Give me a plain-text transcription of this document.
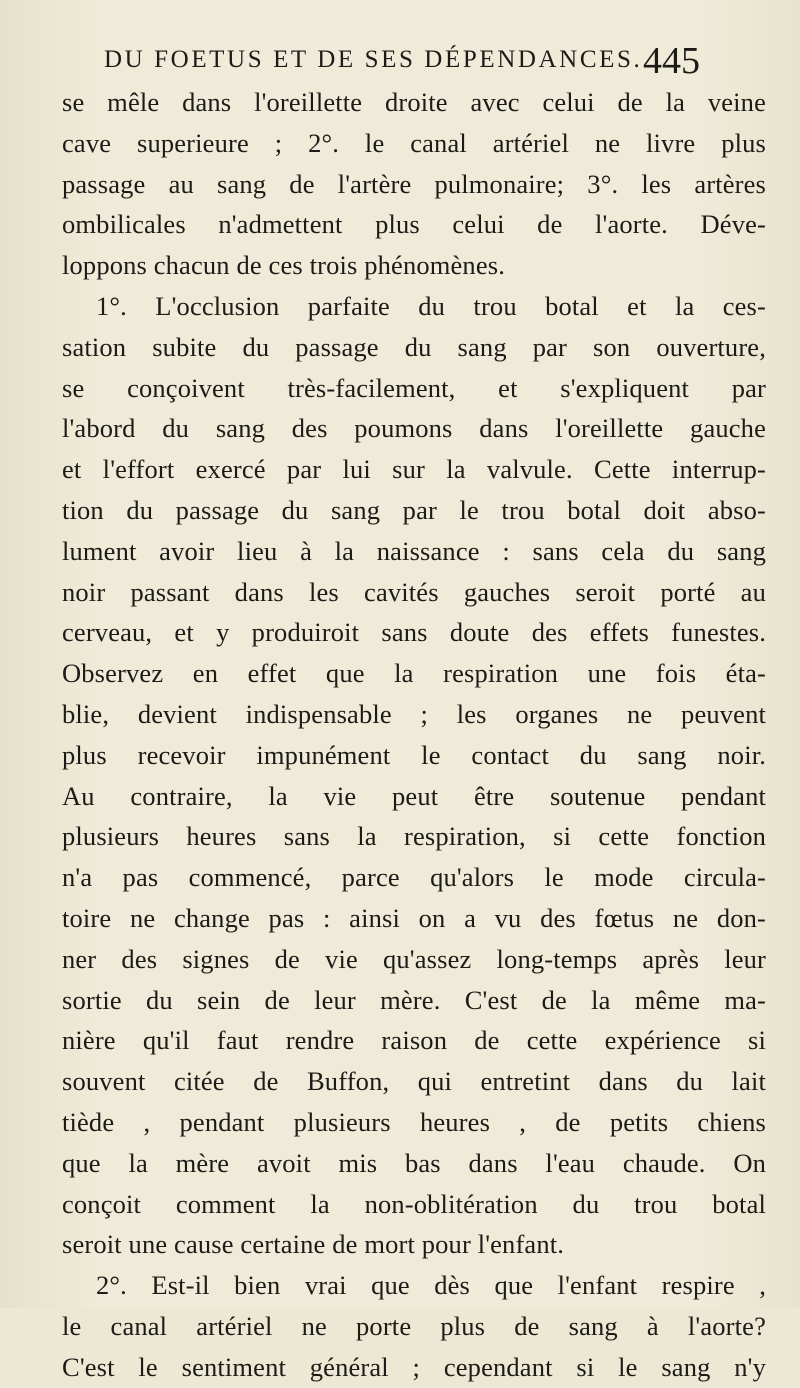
DU FOETUS ET DE SES DÉPENDANCES. 445
se mêle dans l'oreillette droite avec celui de la veine
cave superieure ; 2°. le canal artériel ne livre plus
passage au sang de l'artère pulmonaire; 3°. les artères
ombilicales n'admettent plus celui de l'aorte. Déve-
loppons chacun de ces trois phénomènes.
1°. L'occlusion parfaite du trou botal et la ces-
sation subite du passage du sang par son ouverture,
se conçoivent très-facilement, et s'expliquent par
l'abord du sang des poumons dans l'oreillette gauche
et l'effort exercé par lui sur la valvule. Cette interrup-
tion du passage du sang par le trou botal doit abso-
lument avoir lieu à la naissance : sans cela du sang
noir passant dans les cavités gauches seroit porté au
cerveau, et y produiroit sans doute des effets funestes.
Observez en effet que la respiration une fois éta-
blie, devient indispensable ; les organes ne peuvent
plus recevoir impunément le contact du sang noir.
Au contraire, la vie peut être soutenue pendant
plusieurs heures sans la respiration, si cette fonction
n'a pas commencé, parce qu'alors le mode circula-
toire ne change pas : ainsi on a vu des fœtus ne don-
ner des signes de vie qu'assez long-temps après leur
sortie du sein de leur mère. C'est de la même ma-
nière qu'il faut rendre raison de cette expérience si
souvent citée de Buffon, qui entretint dans du lait
tiède , pendant plusieurs heures , de petits chiens
que la mère avoit mis bas dans l'eau chaude. On
conçoit comment la non-oblitération du trou botal
seroit une cause certaine de mort pour l'enfant.
2°. Est-il bien vrai que dès que l'enfant respire ,
le canal artériel ne porte plus de sang à l'aorte?
C'est le sentiment général ; cependant si le sang n'y
